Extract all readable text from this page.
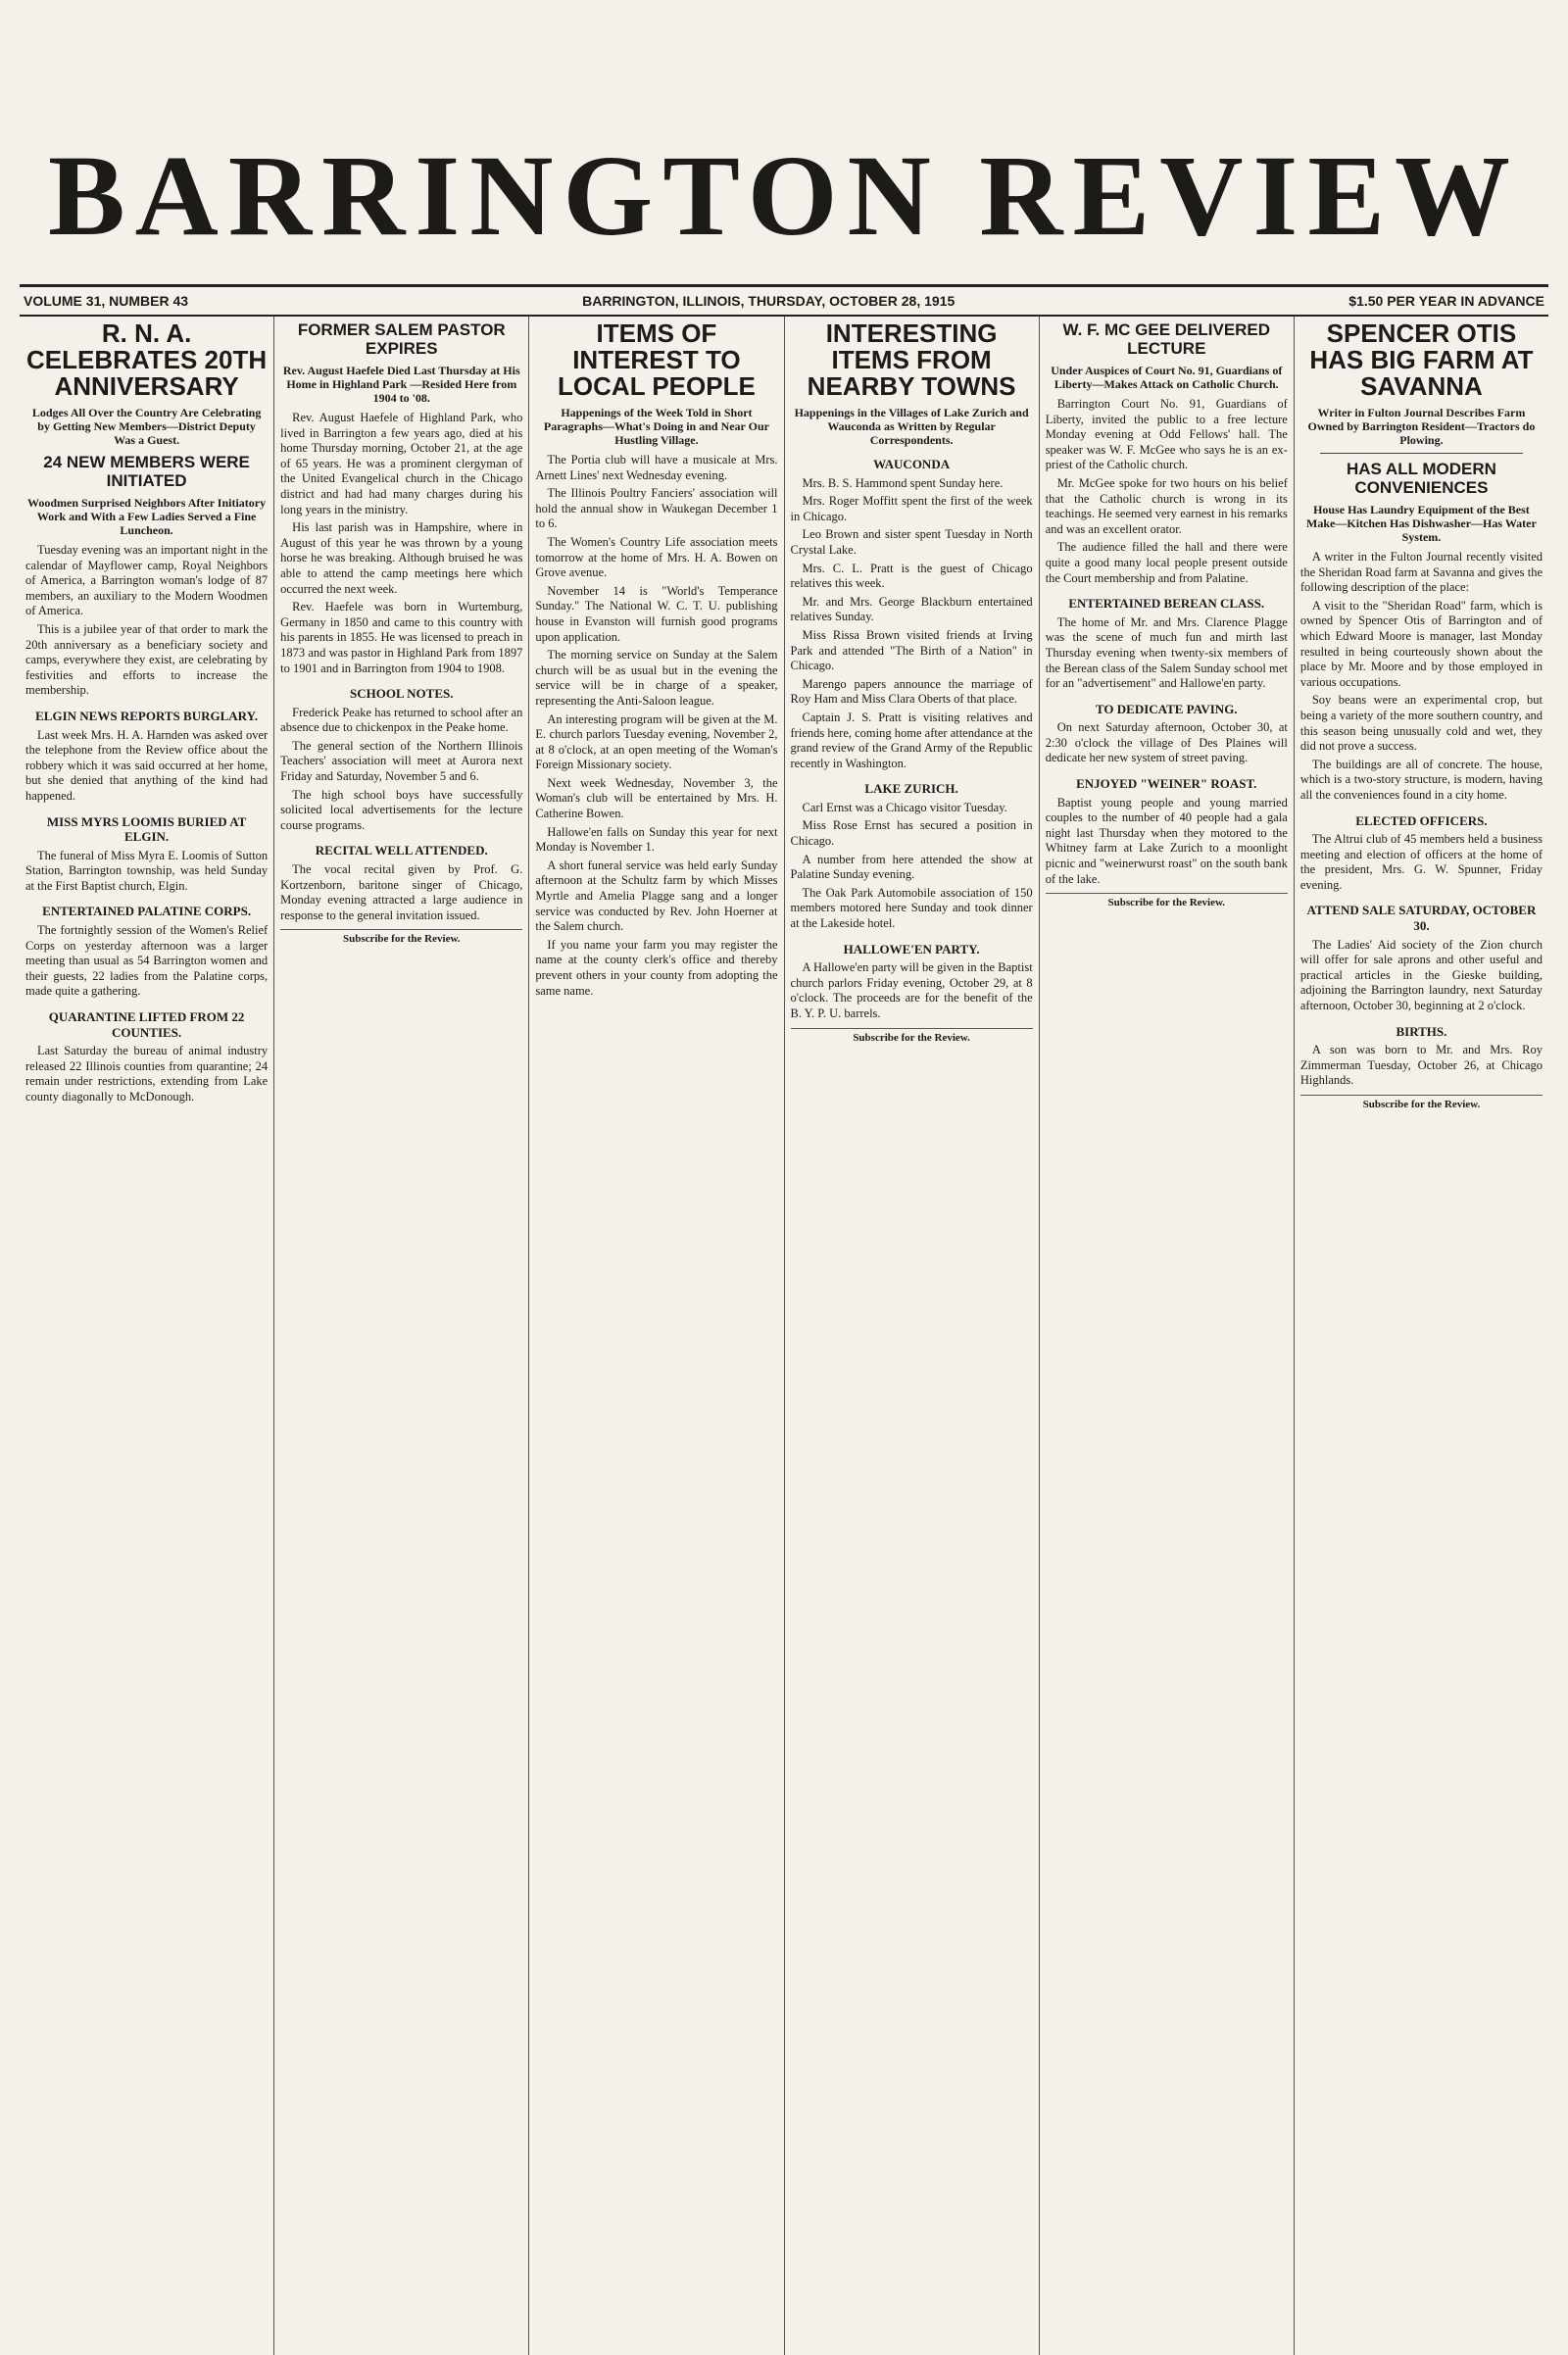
BARRINGTON REVIEW
VOLUME 31, NUMBER 43	BARRINGTON, ILLINOIS, THURSDAY, OCTOBER 28, 1915	$1.50 PER YEAR IN ADVANCE
R. N. A. CELEBRATES 20TH ANNIVERSARY
Lodges All Over the Country Are Celebrating by Getting New Members—District Deputy Was a Guest.
24 NEW MEMBERS WERE INITIATED
Woodmen Surprised Neighbors After Initiatory Work and With a Few Ladies Served a Fine Luncheon.

Tuesday evening was an important night in the calendar of Mayflower camp, Royal Neighbors of America, a Barrington woman's lodge of 87 members, an auxiliary to the Modern Woodmen of America.

This is a jubilee year of that order to mark the 20th anniversary as a beneficiary society and camps, everywhere they exist, are celebrating by festivities and efforts to increase the membership.

ELGIN NEWS REPORTS BURGLARY.

Last week Mrs. H. A. Harnden was asked over the telephone from the Review office about the robbery which it was said occurred at her home, but she denied that anything of the kind had happened.

MISS MYRS LOOMIS BURIED AT ELGIN.

The funeral of Miss Myra E. Loomis of Sutton Station, Barrington township, was held Sunday at the First Baptist church, Elgin.

ENTERTAINED PALATINE CORPS.

The fortnightly session of the Women's Relief Corps on yesterday afternoon was a larger meeting than usual as 54 Barrington women and their guests, 22 ladies from the Palatine corps, made quite a gathering.

QUARANTINE LIFTED FROM 22 COUNTIES.

Last Saturday the bureau of animal industry released 22 Illinois counties from quarantine; 24 remain under restrictions, extending from Lake county diagonally to McDonough.

FORMER SALEM PASTOR EXPIRES
Rev. August Haefele Died Last Thursday at His Home in Highland Park —Resided Here from 1904 to '08.

Rev. August Haefele of Highland Park, who lived in Barrington a few years ago, died at his home Thursday morning, October 21, at the age of 65 years. He was a prominent clergyman of the United Evangelical church in the Chicago district and had had many charges during his long years in the ministry.

His last parish was in Hampshire, where in August of this year he was thrown by a young horse he was breaking. Although bruised he was able to attend the camp meetings here which occurred the next week.

Rev. Haefele was born in Wurtemburg, Germany in 1850 and came to this country with his parents in 1855. He was licensed to preach in 1873 and was pastor in Highland Park from 1897 to 1901 and in Barrington from 1904 to 1908.

SCHOOL NOTES.

Frederick Peake has returned to school after an absence due to chickenpox in the Peake home.

The general section of the Northern Illinois Teachers' association will meet at Aurora next Friday and Saturday, November 5 and 6.

The high school boys have successfully solicited local advertisements for the lecture course programs.

RECITAL WELL ATTENDED.

The vocal recital given by Prof. G. Kortzenborn, baritone singer of Chicago, Monday evening attracted a large audience in response to the general invitation issued.

Subscribe for the Review.
ITEMS OF INTEREST TO LOCAL PEOPLE
Happenings of the Week Told in Short Paragraphs—What's Doing in and Near Our Hustling Village.

The Portia club will have a musicale at Mrs. Arnett Lines' next Wednesday evening.

The Illinois Poultry Fanciers' association will hold the annual show in Waukegan December 1 to 6.

The Women's Country Life association meets tomorrow at the home of Mrs. H. A. Bowen on Grove avenue.

November 14 is "World's Temperance Sunday." The National W. C. T. U. publishing house in Evanston will furnish good programs upon application.

The morning service on Sunday at the Salem church will be as usual but in the evening the service will be in charge of a speaker, representing the Anti-Saloon league.

An interesting program will be given at the M. E. church parlors Tuesday evening, November 2, at 8 o'clock, at an open meeting of the Woman's Foreign Missionary society.

Next week Wednesday, November 3, the Woman's club will be entertained by Mrs. H. Catherine Bowen.

Hallowe'en falls on Sunday this year for next Monday is November 1.

A short funeral service was held early Sunday afternoon at the Schultz farm by which Misses Myrtle and Amelia Plagge sang and a longer service was conducted by Rev. John Hoerner at the Salem church.

If you name your farm you may register the name at the county clerk's office and thereby prevent others in your county from adopting the same name.

INTERESTING ITEMS FROM NEARBY TOWNS
Happenings in the Villages of Lake Zurich and Wauconda as Written by Regular Correspondents.
WAUCONDA

Mrs. B. S. Hammond spent Sunday here.

Mrs. Roger Moffitt spent the first of the week in Chicago.

Leo Brown and sister spent Tuesday in North Crystal Lake.

Mrs. C. L. Pratt is the guest of Chicago relatives this week.

Mr. and Mrs. George Blackburn entertained relatives Sunday.

Miss Rissa Brown visited friends at Irving Park and attended "The Birth of a Nation" in Chicago.

Marengo papers announce the marriage of Roy Ham and Miss Clara Oberts of that place.

Captain J. S. Pratt is visiting relatives and friends here, coming home after attendance at the grand review of the Grand Army of the Republic recently in Washington.

LAKE ZURICH.

Carl Ernst was a Chicago visitor Tuesday.

Miss Rose Ernst has secured a position in Chicago.

A number from here attended the show at Palatine Sunday evening.

The Oak Park Automobile association of 150 members motored here Sunday and took dinner at the Lakeside hotel.

HALLOWE'EN PARTY.

A Hallowe'en party will be given in the Baptist church parlors Friday evening, October 29, at 8 o'clock. The proceeds are for the benefit of the B. Y. P. U. barrels.

Subscribe for the Review.
W. F. MC GEE DELIVERED LECTURE
Under Auspices of Court No. 91, Guardians of Liberty—Makes Attack on Catholic Church.

Barrington Court No. 91, Guardians of Liberty, invited the public to a free lecture Monday evening at Odd Fellows' hall. The speaker was W. F. McGee who says he is an ex-priest of the Catholic church.

Mr. McGee spoke for two hours on his belief that the Catholic church is wrong in its teachings. He seemed very earnest in his remarks and was an excellent orator.

The audience filled the hall and there were quite a good many local people present outside the Court membership and from Palatine.

ENTERTAINED BEREAN CLASS.

The home of Mr. and Mrs. Clarence Plagge was the scene of much fun and mirth last Thursday evening when twenty-six members of the Berean class of the Salem Sunday school met for an "advertisement" and Hallowe'en party.

TO DEDICATE PAVING.

On next Saturday afternoon, October 30, at 2:30 o'clock the village of Des Plaines will dedicate her new system of street paving.

ENJOYED "WEINER" ROAST.

Baptist young people and young married couples to the number of 40 people had a gala night last Thursday when they motored to the Whitney farm at Lake Zurich to a moonlight picnic and "weinerwurst roast" on the south bank of the lake.

Subscribe for the Review.
SPENCER OTIS HAS BIG FARM AT SAVANNA
Writer in Fulton Journal Describes Farm Owned by Barrington Resident—Tractors do Plowing.
HAS ALL MODERN CONVENIENCES
House Has Laundry Equipment of the Best Make—Kitchen Has Dishwasher—Has Water System.

A writer in the Fulton Journal recently visited the Sheridan Road farm at Savanna and gives the following description of the place:

A visit to the "Sheridan Road" farm, which is owned by Spencer Otis of Barrington and of which Edward Moore is manager, last Monday resulted in being courteously shown about the place by Mr. Moore and by those employed in various occupations.

Soy beans were an experimental crop, but being a variety of the more southern country, and this season being unusually cold and wet, they did not prove a success.

The buildings are all of concrete. The house, which is a two-story structure, is modern, having all the conveniences found in a city home.

ELECTED OFFICERS.

The Altrui club of 45 members held a business meeting and election of officers at the home of the president, Mrs. G. W. Spunner, Friday evening.

ATTEND SALE SATURDAY, OCTOBER 30.

The Ladies' Aid society of the Zion church will offer for sale aprons and other useful and practical articles in the Gieske building, adjoining the Barrington laundry, next Saturday afternoon, October 30, beginning at 2 o'clock.

BIRTHS.

A son was born to Mr. and Mrs. Roy Zimmerman Tuesday, October 26, at Chicago Highlands.

Subscribe for the Review.
